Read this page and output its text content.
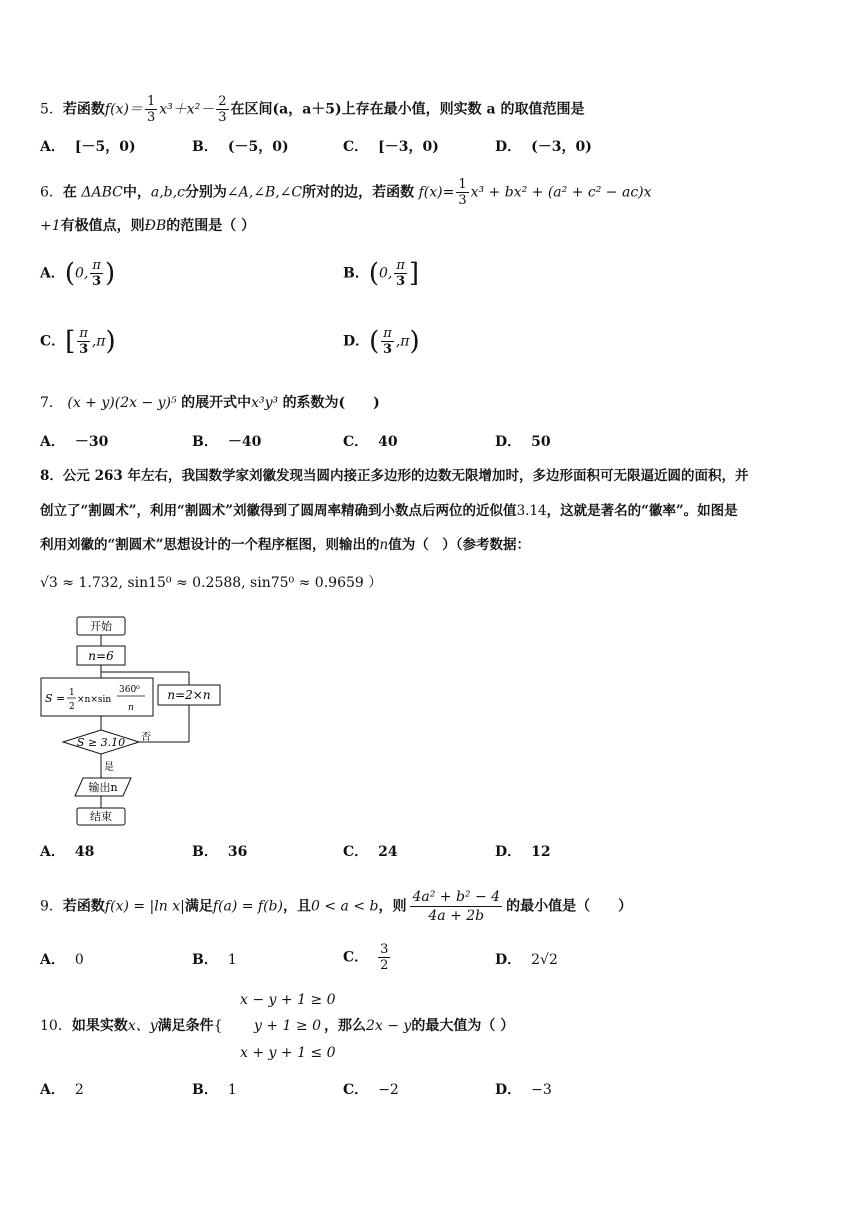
5．若函数$f(x)= \frac{1}{3} x^3+x^2- \frac{2}{3}$ 在区间(a，a＋5)上存在最小值，则实数 a 的取值范围是
A． [－5，0)	B． (－5，0)	C． [－3，0)	D． (－3，0)
6．在 ΔABC中，a,b,c分别为∠A,∠B,∠C所对的边，若函数 $f(x)= \frac{1}{3} x^3 + bx^2 + (a^2 + c^2 - ac)x$
+1有极值点，则ÐB的范围是（ ）
A．(0, $\frac{\pi}{3}$ )	B．(0, $\frac{\pi}{3}$ ]
C．[ $\frac{\pi}{3} ,\pi$)	D．( $\frac{\pi}{3} ,\pi$)
7． (x + y)(2x − y)⁵ 的展开式中x³y³ 的系数为(　　)
A． －30	B． －40	C． 40	D． 50
8．公元 263 年左右，我国数学家刘徽发现当圆内接正多边形的边数无限增加时，多边形面积可无限逼近圆的面积，并
创立了“割圆术”，利用“割圆术”刘徽得到了圆周率精确到小数点后两位的近似值3.14，这就是著名的“徽率”。如图是
利用刘徽的“割圆术”思想设计的一个程序框图，则输出的n值为（　）（参考数据：
√3 ≈ 1.732, sin15⁰ ≈ 0.2588, sin75⁰ ≈ 0.9659 ）
开始
n=6
S = 1
2
×n×sin
360⁰
n
n=2×n
S ≥ 3.10 否
是
输出n
结束
A． 48	B． 36	C． 24	D． 12
9．若函数f(x) = |ln x|满足f(a) = f(b)，且0 < a < b，则 $\frac{\text{4a² + b² − 4}}{4a + 2b}$ 的最小值是（　　）
A． 0	B． 1	C． $\frac{3}{2}$	D． 2√2
x − y + 1 ≥ 0
10．如果实数x、y满足条件{ y + 1 ≥ 0 ，那么2x − y的最大值为（ ）
x + y + 1 ≤ 0
A． 2	B． 1	C． −2	D． −3
